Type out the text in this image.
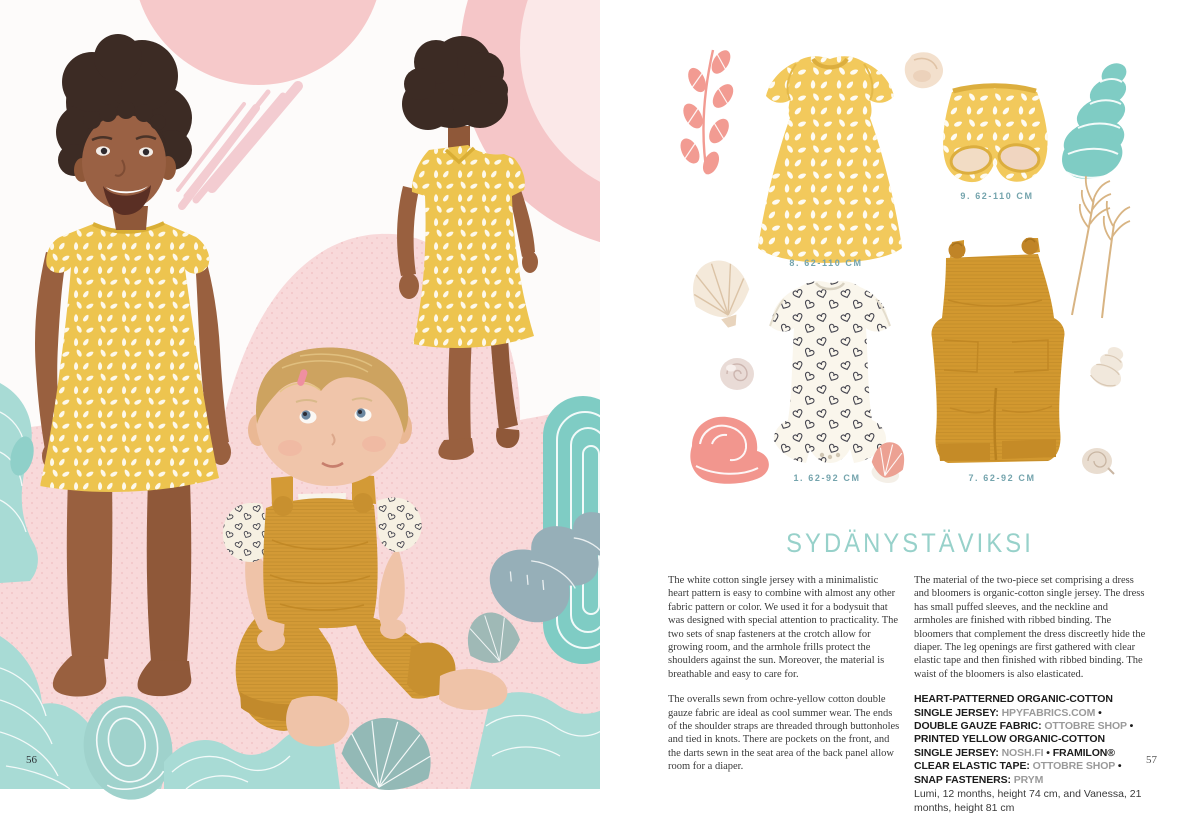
56
8. 62-110 CM
9. 62-110 CM
1. 62-92 CM	7. 62-92 CM
SYDÄNYSTÄVIKSI

The white cotton single jersey with a minimalistic heart pattern is easy to combine with almost any other fabric pattern or color. We used it for a bodysuit that was designed with special attention to practicality. The two sets of snap fasteners at the crotch allow for growing room, and the armhole frills protect the shoulders against the sun. Moreover, the material is breathable and easy to care for.

The overalls sewn from ochre-yellow cotton double gauze fabric are ideal as cool summer wear. The ends of the shoulder straps are threaded through buttonholes and tied in knots. There are pockets on the front, and the darts sewn in the seat area of the back panel allow room for a diaper.

The material of the two-piece set comprising a dress and bloomers is organic-cotton single jersey. The dress has small puffed sleeves, and the neckline and armholes are finished with ribbed binding. The bloomers that complement the dress discreetly hide the diaper. The leg openings are first gathered with clear elastic tape and then finished with ribbed binding. The waist of the bloomers is also elasticated.

HEART-PATTERNED ORGANIC-COTTON SINGLE JERSEY: HPYFABRICS.COM • DOUBLE GAUZE FABRIC: OTTOBRE SHOP • PRINTED YELLOW ORGANIC-COTTON SINGLE JERSEY: NOSH.FI • FRAMILON® CLEAR ELASTIC TAPE: OTTOBRE SHOP • SNAP FASTENERS: PRYM

Lumi, 12 months, height 74 cm, and Vanessa, 21 months, height 81 cm

57
